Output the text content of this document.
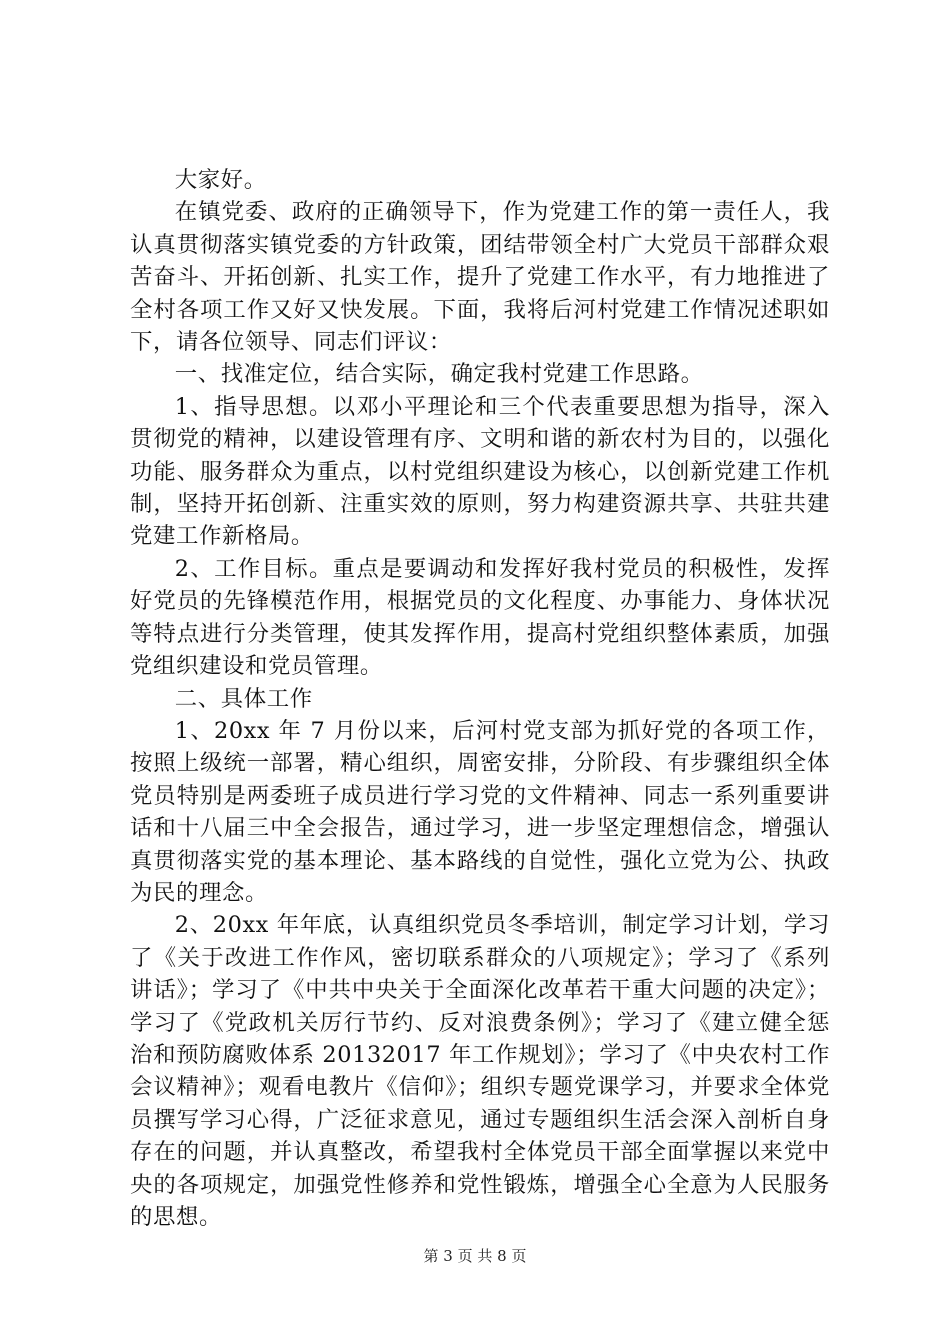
大家好。

在镇党委、政府的正确领导下，作为党建工作的第一责任人，我认真贯彻落实镇党委的方针政策，团结带领全村广大党员干部群众艰苦奋斗、开拓创新、扎实工作，提升了党建工作水平，有力地推进了全村各项工作又好又快发展。下面，我将后河村党建工作情况述职如下，请各位领导、同志们评议：

一、找准定位，结合实际，确定我村党建工作思路。

1、指导思想。以邓小平理论和三个代表重要思想为指导，深入贯彻党的精神，以建设管理有序、文明和谐的新农村为目的，以强化功能、服务群众为重点，以村党组织建设为核心，以创新党建工作机制，坚持开拓创新、注重实效的原则，努力构建资源共享、共驻共建党建工作新格局。

2、工作目标。重点是要调动和发挥好我村党员的积极性，发挥好党员的先锋模范作用，根据党员的文化程度、办事能力、身体状况等特点进行分类管理，使其发挥作用，提高村党组织整体素质，加强党组织建设和党员管理。

二、具体工作

1、20xx 年 7 月份以来，后河村党支部为抓好党的各项工作，按照上级统一部署，精心组织，周密安排，分阶段、有步骤组织全体党员特别是两委班子成员进行学习党的文件精神、同志一系列重要讲话和十八届三中全会报告，通过学习，进一步坚定理想信念，增强认真贯彻落实党的基本理论、基本路线的自觉性，强化立党为公、执政为民的理念。

2、20xx 年年底，认真组织党员冬季培训，制定学习计划，学习了《关于改进工作作风，密切联系群众的八项规定》；学习了《系列讲话》；学习了《中共中央关于全面深化改革若干重大问题的决定》；学习了《党政机关厉行节约、反对浪费条例》；学习了《建立健全惩治和预防腐败体系 20132017 年工作规划》；学习了《中央农村工作会议精神》；观看电教片《信仰》；组织专题党课学习，并要求全体党员撰写学习心得，广泛征求意见，通过专题组织生活会深入剖析自身存在的问题，并认真整改，希望我村全体党员干部全面掌握以来党中央的各项规定，加强党性修养和党性锻炼，增强全心全意为人民服务的思想。

第 3 页 共 8 页
